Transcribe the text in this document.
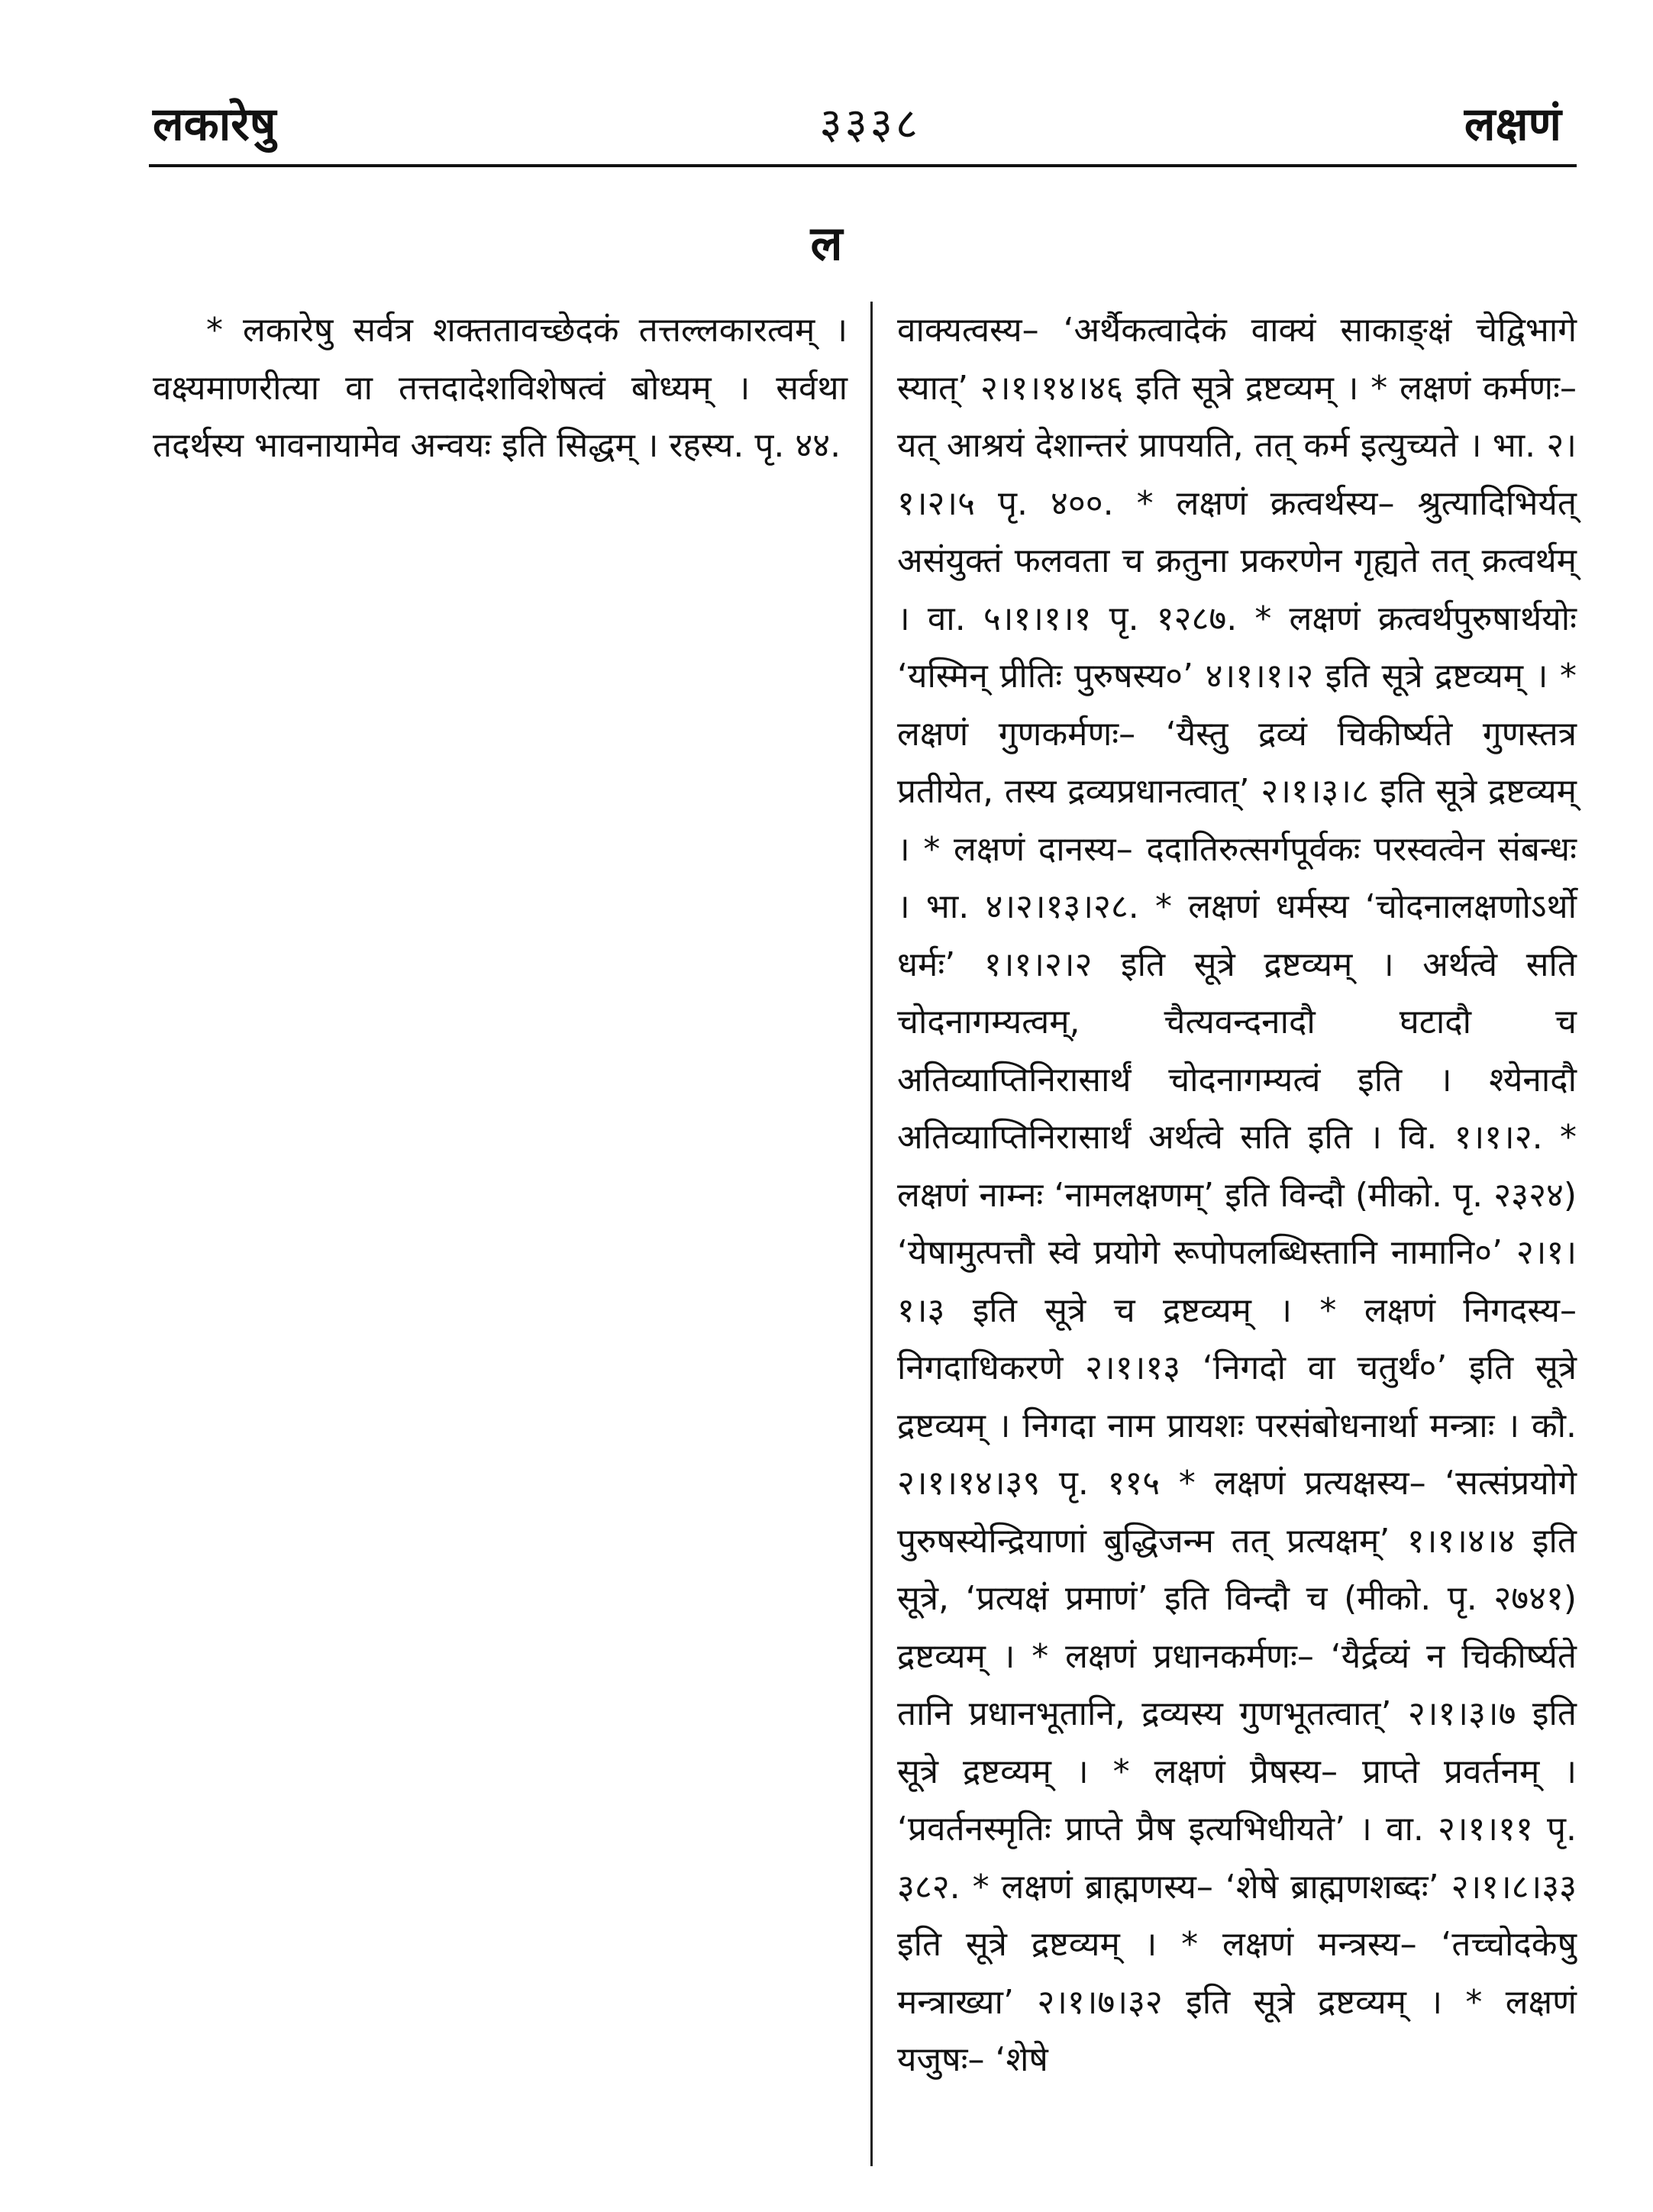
लकारेषु	३३३८	लक्षणं
ल

* लकारेषु सर्वत्र शक्ततावच्छेदकं तत्तल्लकारत्वम् । वक्ष्यमाणरीत्या वा तत्तदादेशविशेषत्वं बोध्यम् । सर्वथा तदर्थस्य भावनायामेव अन्वयः इति सिद्धम् । रहस्य. पृ. ४४.

वाक्यत्वस्य– ‘अर्थैकत्वादेकं वाक्यं साकाङ्क्षं चेद्विभागे स्यात्’ २।१।१४।४६ इति सूत्रे द्रष्टव्यम् । * लक्षणं कर्मणः– यत् आश्रयं देशान्तरं प्रापयति, तत् कर्म इत्युच्यते । भा. २।१।२।५ पृ. ४००. * लक्षणं क्रत्वर्थस्य– श्रुत्यादिभिर्यत् असंयुक्तं फलवता च क्रतुना प्रकरणेन गृह्यते तत् क्रत्वर्थम् । वा. ५।१।१।१ पृ. १२८७. * लक्षणं क्रत्वर्थपुरुषार्थयोः ‘यस्मिन् प्रीतिः पुरुषस्य०’ ४।१।१।२ इति सूत्रे द्रष्टव्यम् । * लक्षणं गुणकर्मणः– ‘यैस्तु द्रव्यं चिकीर्ष्यते गुणस्तत्र प्रतीयेत, तस्य द्रव्यप्रधानत्वात्’ २।१।३।८ इति सूत्रे द्रष्टव्यम् । * लक्षणं दानस्य– ददातिरुत्सर्गपूर्वकः परस्वत्वेन संबन्धः । भा. ४।२।१३।२८. * लक्षणं धर्मस्य ‘चोदनालक्षणोऽर्थो धर्मः’ १।१।२।२ इति सूत्रे द्रष्टव्यम् । अर्थत्वे सति चोदनागम्यत्वम्, चैत्यवन्दनादौ घटादौ च अतिव्याप्तिनिरासार्थं चोदनागम्यत्वं इति । श्येनादौ अतिव्याप्तिनिरासार्थं अर्थत्वे सति इति । वि. १।१।२. * लक्षणं नाम्नः ‘नामलक्षणम्’ इति विन्दौ (मीको. पृ. २३२४) ‘येषामुत्पत्तौ स्वे प्रयोगे रूपोपलब्धिस्तानि नामानि०’ २।१।१।३ इति सूत्रे च द्रष्टव्यम् । * लक्षणं निगदस्य– निगदाधिकरणे २।१।१३ ‘निगदो वा चतुर्थं०’ इति सूत्रे द्रष्टव्यम् । निगदा नाम प्रायशः परसंबोधनार्था मन्त्राः । कौ. २।१।१४।३९ पृ. ११५ * लक्षणं प्रत्यक्षस्य– ‘सत्संप्रयोगे पुरुषस्येन्द्रियाणां बुद्धिजन्म तत् प्रत्यक्षम्’ १।१।४।४ इति सूत्रे, ‘प्रत्यक्षं प्रमाणं’ इति विन्दौ च (मीको. पृ. २७४१) द्रष्टव्यम् । * लक्षणं प्रधानकर्मणः– ‘यैर्द्रव्यं न चिकीर्ष्यते तानि प्रधानभूतानि, द्रव्यस्य गुणभूतत्वात्’ २।१।३।७ इति सूत्रे द्रष्टव्यम् । * लक्षणं प्रैषस्य– प्राप्ते प्रवर्तनम् । ‘प्रवर्तनस्मृतिः प्राप्ते प्रैष इत्यभिधीयते’ । वा. २।१।११ पृ. ३८२. * लक्षणं ब्राह्मणस्य– ‘शेषे ब्राह्मणशब्दः’ २।१।८।३३ इति सूत्रे द्रष्टव्यम् । * लक्षणं मन्त्रस्य– ‘तच्चोदकेषु मन्त्राख्या’ २।१।७।३२ इति सूत्रे द्रष्टव्यम् । * लक्षणं यजुषः– ‘शेषे
